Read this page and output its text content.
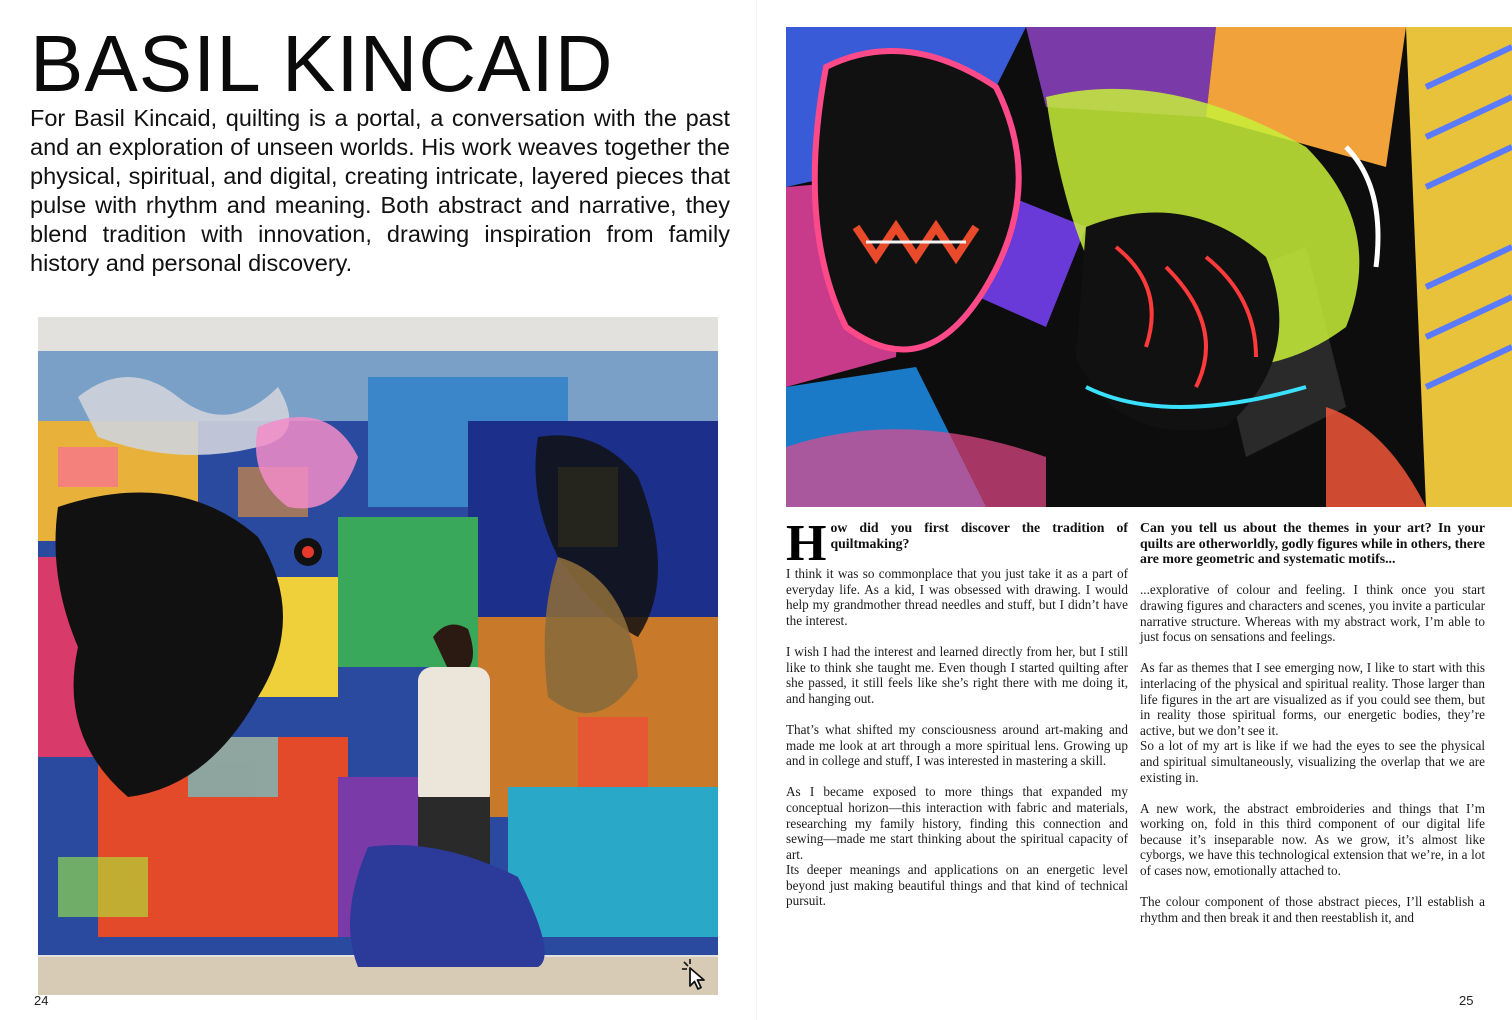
BASIL KINCAID

For Basil Kincaid, quilting is a portal, a conversation with the past and an exploration of unseen worlds. His work weaves together the physical, spiritual, and digital, creating intricate, layered pieces that pulse with rhythm and meaning. Both abstract and narrative, they blend tradition with innovation, drawing inspiration from family history and personal discovery.

24	25
How did you first discover the tradition of quiltmaking?

I think it was so commonplace that you just take it as a part of everyday life. As a kid, I was obsessed with drawing. I would help my grandmother thread needles and stuff, but I didn’t have the interest.

I wish I had the interest and learned directly from her, but I still like to think she taught me. Even though I started quilting after she passed, it still feels like she’s right there with me doing it, and hanging out.

That’s what shifted my consciousness around art-making and made me look at art through a more spiritual lens. Growing up and in college and stuff, I was interested in mastering a skill.

As I became exposed to more things that expanded my conceptual horizon—this interaction with fabric and materials, researching my family history, finding this connection and sewing—made me start thinking about the spiritual capacity of art.

Its deeper meanings and applications on an energetic level beyond just making beautiful things and that kind of technical pursuit.

Can you tell us about the themes in your art? In your quilts are otherworldly, godly figures while in others, there are more geometric and systematic motifs...

...explorative of colour and feeling. I think once you start drawing figures and characters and scenes, you invite a particular narrative structure. Whereas with my abstract work, I’m able to just focus on sensations and feelings.

As far as themes that I see emerging now, I like to start with this interlacing of the physical and spiritual reality. Those larger than life figures in the art are visualized as if you could see them, but in reality those spiritual forms, our energetic bodies, they’re active, but we don’t see it.

So a lot of my art is like if we had the eyes to see the physical and spiritual simultaneously, visualizing the overlap that we are existing in.

A new work, the abstract embroideries and things that I’m working on, fold in this third component of our digital life because it’s inseparable now. As we grow, it’s almost like cyborgs, we have this technological extension that we’re, in a lot of cases now, emotionally attached to.

The colour component of those abstract pieces, I’ll establish a rhythm and then break it and then reestablish it, and
